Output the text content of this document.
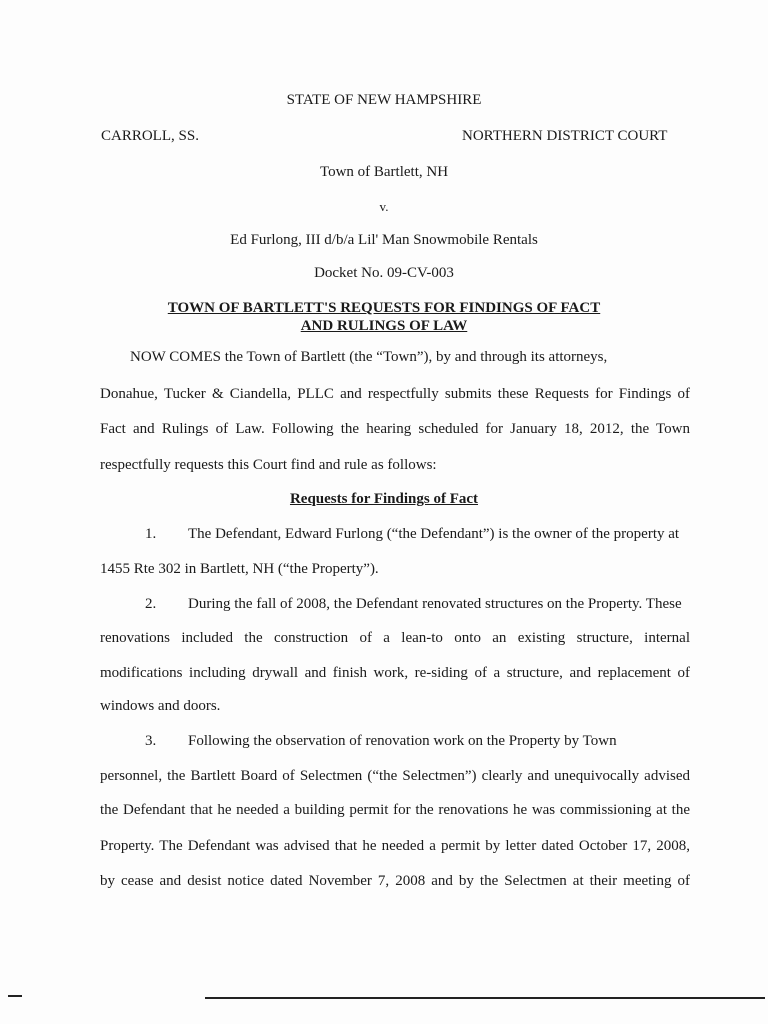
STATE OF NEW HAMPSHIRE
CARROLL, SS.	NORTHERN DISTRICT COURT
Town of Bartlett, NH
v.
Ed Furlong, III d/b/a Lil' Man Snowmobile Rentals
Docket No. 09-CV-003
TOWN OF BARTLETT'S REQUESTS FOR FINDINGS OF FACT
AND RULINGS OF LAW
NOW COMES the Town of Bartlett (the “Town”), by and through its attorneys,
Donahue, Tucker & Ciandella, PLLC and respectfully submits these Requests for Findings of
Fact and Rulings of Law. Following the hearing scheduled for January 18, 2012, the Town
respectfully requests this Court find and rule as follows:
Requests for Findings of Fact
1. The Defendant, Edward Furlong (“the Defendant”) is the owner of the property at
1455 Rte 302 in Bartlett, NH (“the Property”).
2. During the fall of 2008, the Defendant renovated structures on the Property. These
renovations included the construction of a lean-to onto an existing structure, internal
modifications including drywall and finish work, re-siding of a structure, and replacement of
windows and doors.
3. Following the observation of renovation work on the Property by Town
personnel, the Bartlett Board of Selectmen (“the Selectmen”) clearly and unequivocally advised
the Defendant that he needed a building permit for the renovations he was commissioning at the
Property. The Defendant was advised that he needed a permit by letter dated October 17, 2008,
by cease and desist notice dated November 7, 2008 and by the Selectmen at their meeting of
